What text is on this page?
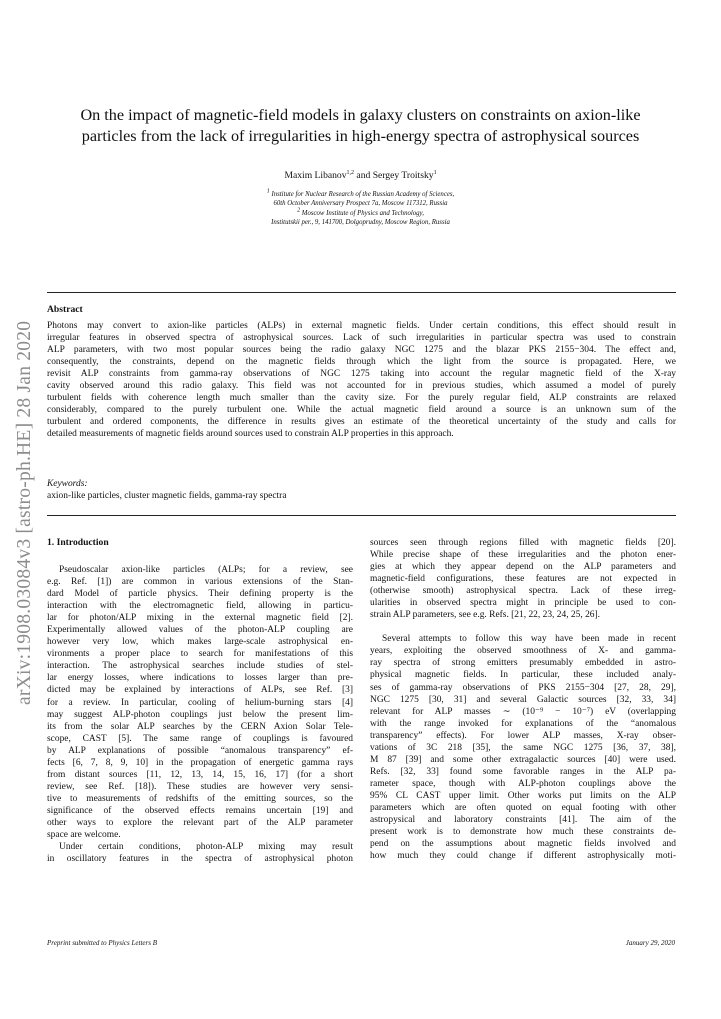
arXiv:1908.03084v3 [astro-ph.HE] 28 Jan 2020
On the impact of magnetic-field models in galaxy clusters on constraints on axion-like
particles from the lack of irregularities in high-energy spectra of astrophysical sources
Maxim Libanov$^{1,2}$ and Sergey Troitsky$^1$
$^1$ Institute for Nuclear Research of the Russian Academy of Sciences,
60th October Anniversary Prospect 7a, Moscow 117312, Russia
$^2$ Moscow Institute of Physics and Technology,
Institutskii per., 9, 141700, Dolgoprudny, Moscow Region, Russia
Abstract
Photons may convert to axion-like particles (ALPs) in external magnetic fields. Under certain conditions, this effect should result in
irregular features in observed spectra of astrophysical sources. Lack of such irregularities in particular spectra was used to constrain
ALP parameters, with two most popular sources being the radio galaxy NGC 1275 and the blazar PKS 2155−304. The effect and,
consequently, the constraints, depend on the magnetic fields through which the light from the source is propagated. Here, we
revisit ALP constraints from gamma-ray observations of NGC 1275 taking into account the regular magnetic field of the X-ray
cavity observed around this radio galaxy. This field was not accounted for in previous studies, which assumed a model of purely
turbulent fields with coherence length much smaller than the cavity size. For the purely regular field, ALP constraints are relaxed
considerably, compared to the purely turbulent one. While the actual magnetic field around a source is an unknown sum of the
turbulent and ordered components, the difference in results gives an estimate of the theoretical uncertainty of the study and calls for
detailed measurements of magnetic fields around sources used to constrain ALP properties in this approach.
Keywords:
axion-like particles, cluster magnetic fields, gamma-ray spectra
1. Introduction
Pseudoscalar axion-like particles (ALPs; for a review, see
e.g. Ref. [1]) are common in various extensions of the Stan-
dard Model of particle physics. Their defining property is the
interaction with the electromagnetic field, allowing in particu-
lar for photon/ALP mixing in the external magnetic field [2].
Experimentally allowed values of the photon-ALP coupling are
however very low, which makes large-scale astrophysical en-
vironments a proper place to search for manifestations of this
interaction. The astrophysical searches include studies of stel-
lar energy losses, where indications to losses larger than pre-
dicted may be explained by interactions of ALPs, see Ref. [3]
for a review. In particular, cooling of helium-burning stars [4]
may suggest ALP-photon couplings just below the present lim-
its from the solar ALP searches by the CERN Axion Solar Tele-
scope, CAST [5]. The same range of couplings is favoured
by ALP explanations of possible “anomalous transparency” ef-
fects [6, 7, 8, 9, 10] in the propagation of energetic gamma rays
from distant sources [11, 12, 13, 14, 15, 16, 17] (for a short
review, see Ref. [18]). These studies are however very sensi-
tive to measurements of redshifts of the emitting sources, so the
significance of the observed effects remains uncertain [19] and
other ways to explore the relevant part of the ALP parameter
space are welcome.
Under certain conditions, photon-ALP mixing may result
in oscillatory features in the spectra of astrophysical photon
sources seen through regions filled with magnetic fields [20].
While precise shape of these irregularities and the photon ener-
gies at which they appear depend on the ALP parameters and
magnetic-field configurations, these features are not expected in
(otherwise smooth) astrophysical spectra. Lack of these irreg-
ularities in observed spectra might in principle be used to con-
strain ALP parameters, see e.g. Refs. [21, 22, 23, 24, 25, 26].
Several attempts to follow this way have been made in recent
years, exploiting the observed smoothness of X- and gamma-
ray spectra of strong emitters presumably embedded in astro-
physical magnetic fields. In particular, these included analy-
ses of gamma-ray observations of PKS 2155−304 [27, 28, 29],
NGC 1275 [30, 31] and several Galactic sources [32, 33, 34]
relevant for ALP masses ∼ (10⁻⁹ − 10⁻⁷) eV (overlapping
with the range invoked for explanations of the “anomalous
transparency” effects). For lower ALP masses, X-ray obser-
vations of 3C 218 [35], the same NGC 1275 [36, 37, 38],
M 87 [39] and some other extragalactic sources [40] were used.
Refs. [32, 33] found some favorable ranges in the ALP pa-
rameter space, though with ALP-photon couplings above the
95% CL CAST upper limit. Other works put limits on the ALP
parameters which are often quoted on equal footing with other
astropysical and laboratory constraints [41]. The aim of the
present work is to demonstrate how much these constraints de-
pend on the assumptions about magnetic fields involved and
how much they could change if different astrophysically moti-
Preprint submitted to Physics Letters B	January 29, 2020
